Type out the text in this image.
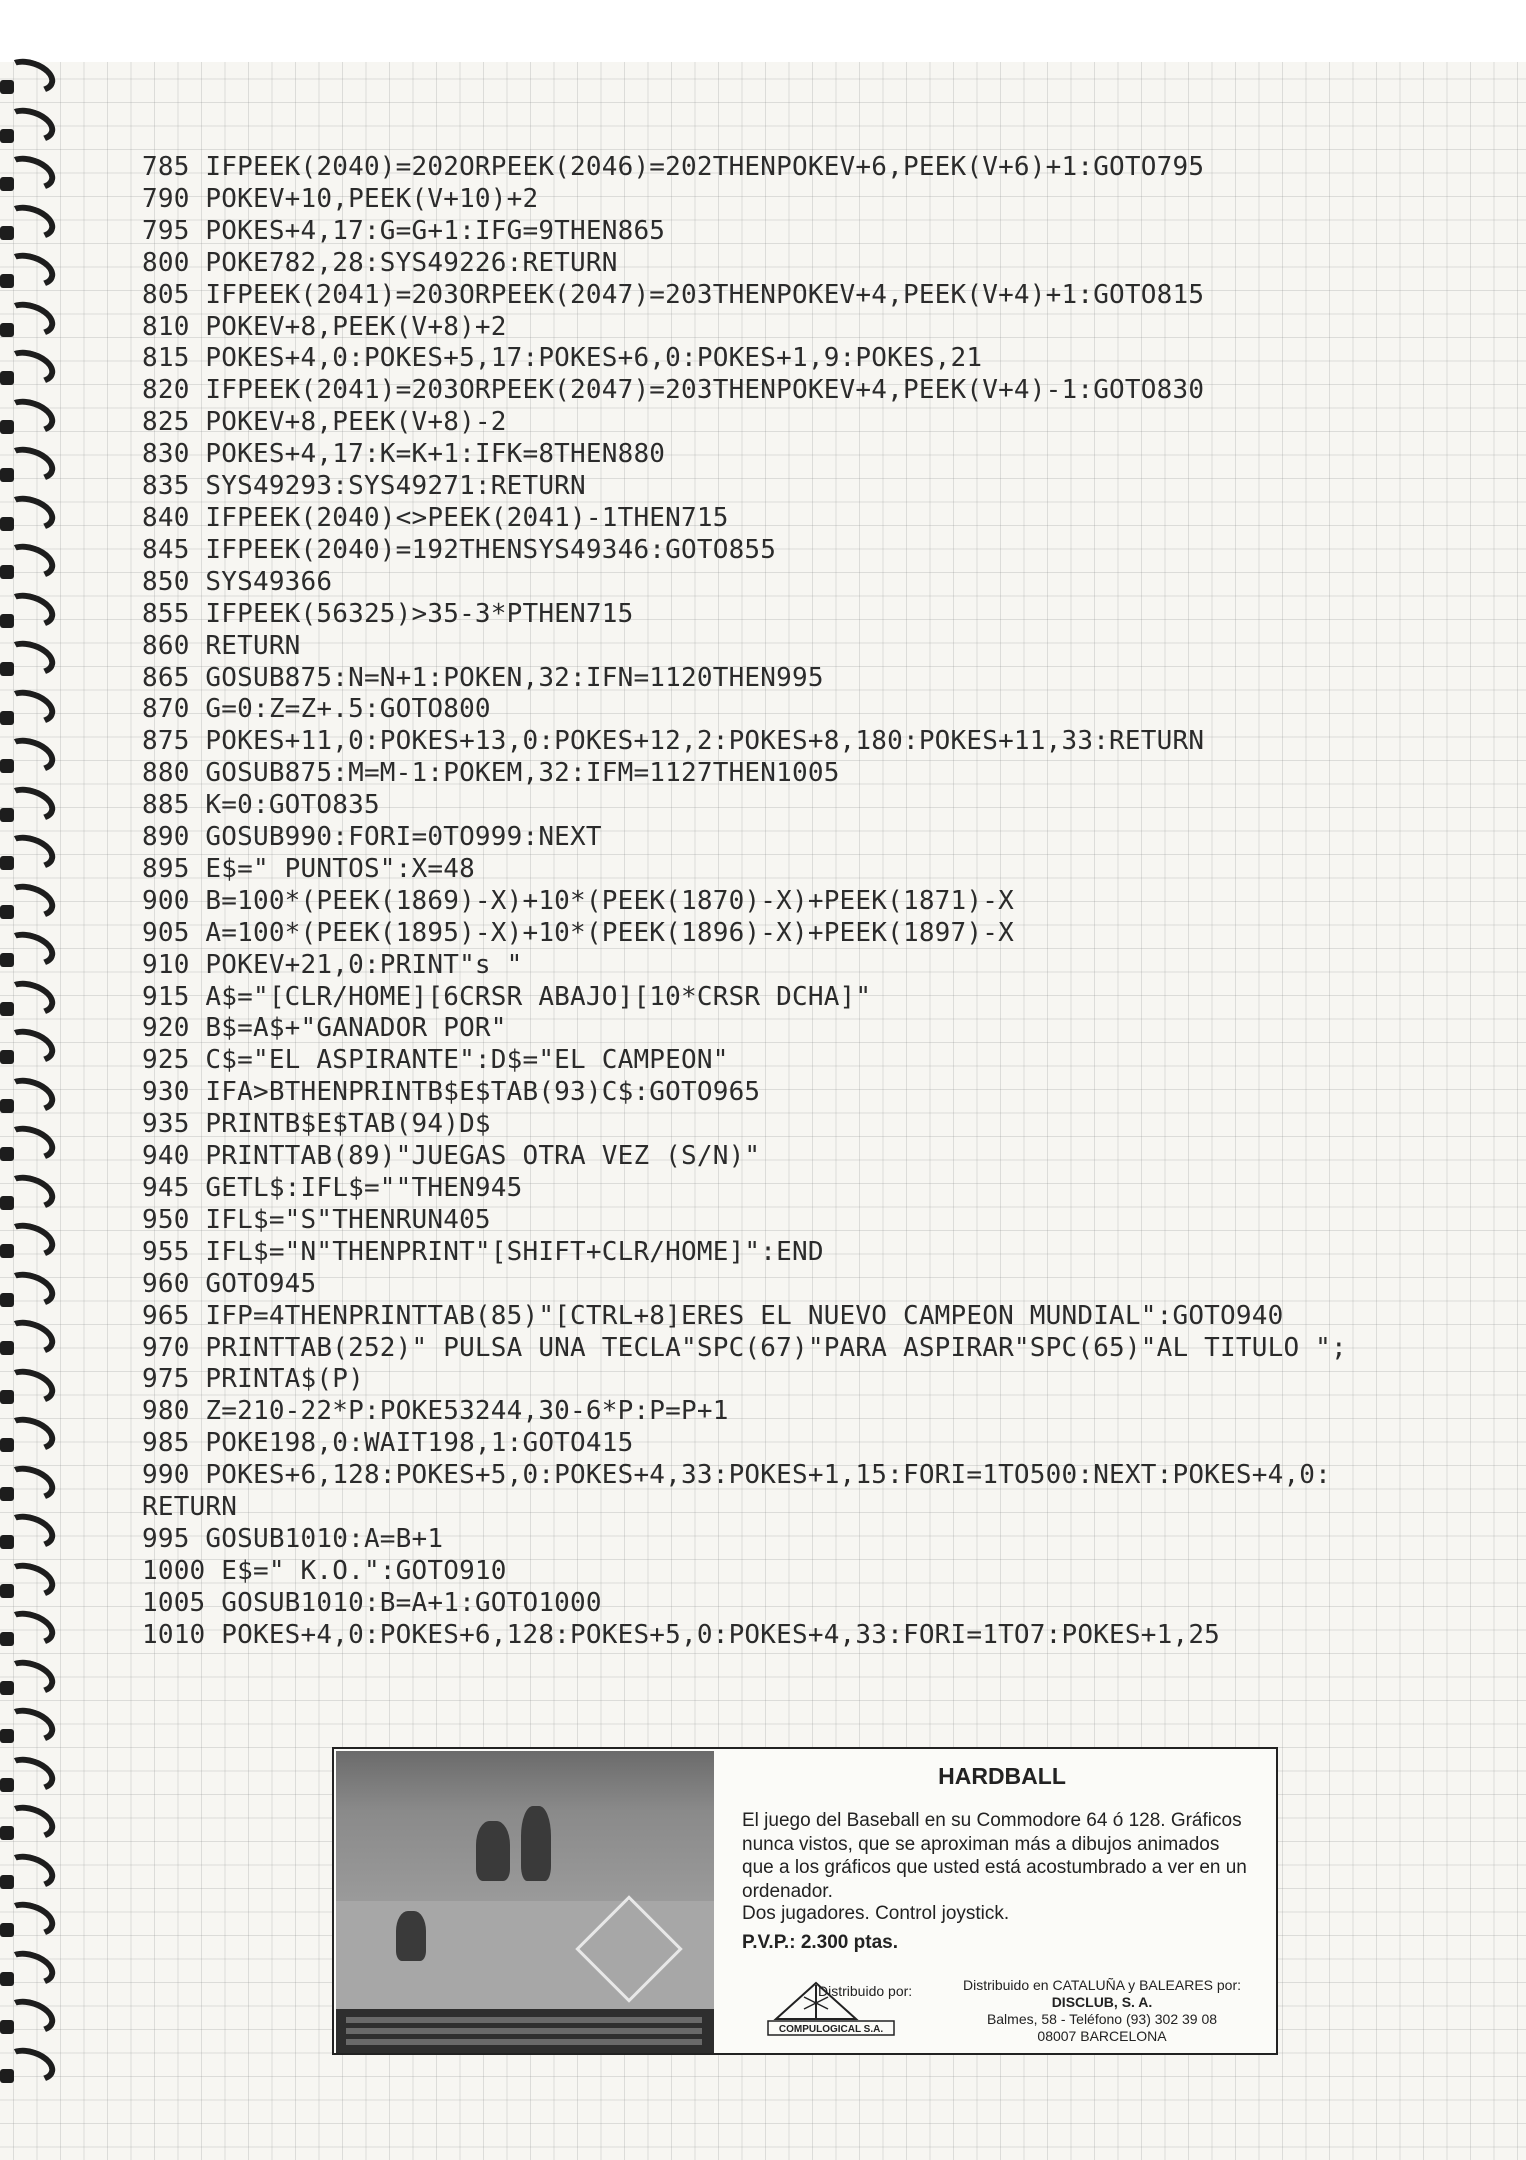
785 IFPEEK(2040)=202ORPEEK(2046)=202THENPOKEV+6,PEEK(V+6)+1:GOTO795
790 POKEV+10,PEEK(V+10)+2
795 POKES+4,17:G=G+1:IFG=9THEN865
800 POKE782,28:SYS49226:RETURN
805 IFPEEK(2041)=203ORPEEK(2047)=203THENPOKEV+4,PEEK(V+4)+1:GOTO815
810 POKEV+8,PEEK(V+8)+2
815 POKES+4,0:POKES+5,17:POKES+6,0:POKES+1,9:POKES,21
820 IFPEEK(2041)=203ORPEEK(2047)=203THENPOKEV+4,PEEK(V+4)-1:GOTO830
825 POKEV+8,PEEK(V+8)-2
830 POKES+4,17:K=K+1:IFK=8THEN880
835 SYS49293:SYS49271:RETURN
840 IFPEEK(2040)<>PEEK(2041)-1THEN715
845 IFPEEK(2040)=192THENSYS49346:GOTO855
850 SYS49366
855 IFPEEK(56325)>35-3*PTHEN715
860 RETURN
865 GOSUB875:N=N+1:POKEN,32:IFN=1120THEN995
870 G=0:Z=Z+.5:GOTO800
875 POKES+11,0:POKES+13,0:POKES+12,2:POKES+8,180:POKES+11,33:RETURN
880 GOSUB875:M=M-1:POKEM,32:IFM=1127THEN1005
885 K=0:GOTO835
890 GOSUB990:FORI=0TO999:NEXT
895 E$=" PUNTOS":X=48
900 B=100*(PEEK(1869)-X)+10*(PEEK(1870)-X)+PEEK(1871)-X
905 A=100*(PEEK(1895)-X)+10*(PEEK(1896)-X)+PEEK(1897)-X
910 POKEV+21,0:PRINT"s "
915 A$="[CLR/HOME][6CRSR ABAJO][10*CRSR DCHA]"
920 B$=A$+"GANADOR POR"
925 C$="EL ASPIRANTE":D$="EL CAMPEON"
930 IFA>BTHENPRINTB$E$TAB(93)C$:GOTO965
935 PRINTB$E$TAB(94)D$
940 PRINTTAB(89)"JUEGAS OTRA VEZ (S/N)"
945 GETL$:IFL$=""THEN945
950 IFL$="S"THENRUN405
955 IFL$="N"THENPRINT"[SHIFT+CLR/HOME]":END
960 GOTO945
965 IFP=4THENPRINTTAB(85)"[CTRL+8]ERES EL NUEVO CAMPEON MUNDIAL":GOTO940
970 PRINTTAB(252)" PULSA UNA TECLA"SPC(67)"PARA ASPIRAR"SPC(65)"AL TITULO ";
975 PRINTA$(P)
980 Z=210-22*P:POKE53244,30-6*P:P=P+1
985 POKE198,0:WAIT198,1:GOTO415
990 POKES+6,128:POKES+5,0:POKES+4,33:POKES+1,15:FORI=1TO500:NEXT:POKES+4,0:
RETURN
995 GOSUB1010:A=B+1
1000 E$=" K.O.":GOTO910
1005 GOSUB1010:B=A+1:GOTO1000
1010 POKES+4,0:POKES+6,128:POKES+5,0:POKES+4,33:FORI=1TO7:POKES+1,25
HARDBALL
El juego del Baseball en su Commodore 64 ó 128. Gráficos nunca vistos, que se aproximan más a dibujos animados que a los gráficos que usted está acostumbrado a ver en un ordenador.
Dos jugadores. Control joystick.
P.V.P.: 2.300 ptas.
COMPULOGICAL S.A.
Distribuido por:	Distribuido en CATALUÑA y BALEARES por:
DISCLUB, S. A.
Balmes, 58 - Teléfono (93) 302 39 08
08007 BARCELONA
